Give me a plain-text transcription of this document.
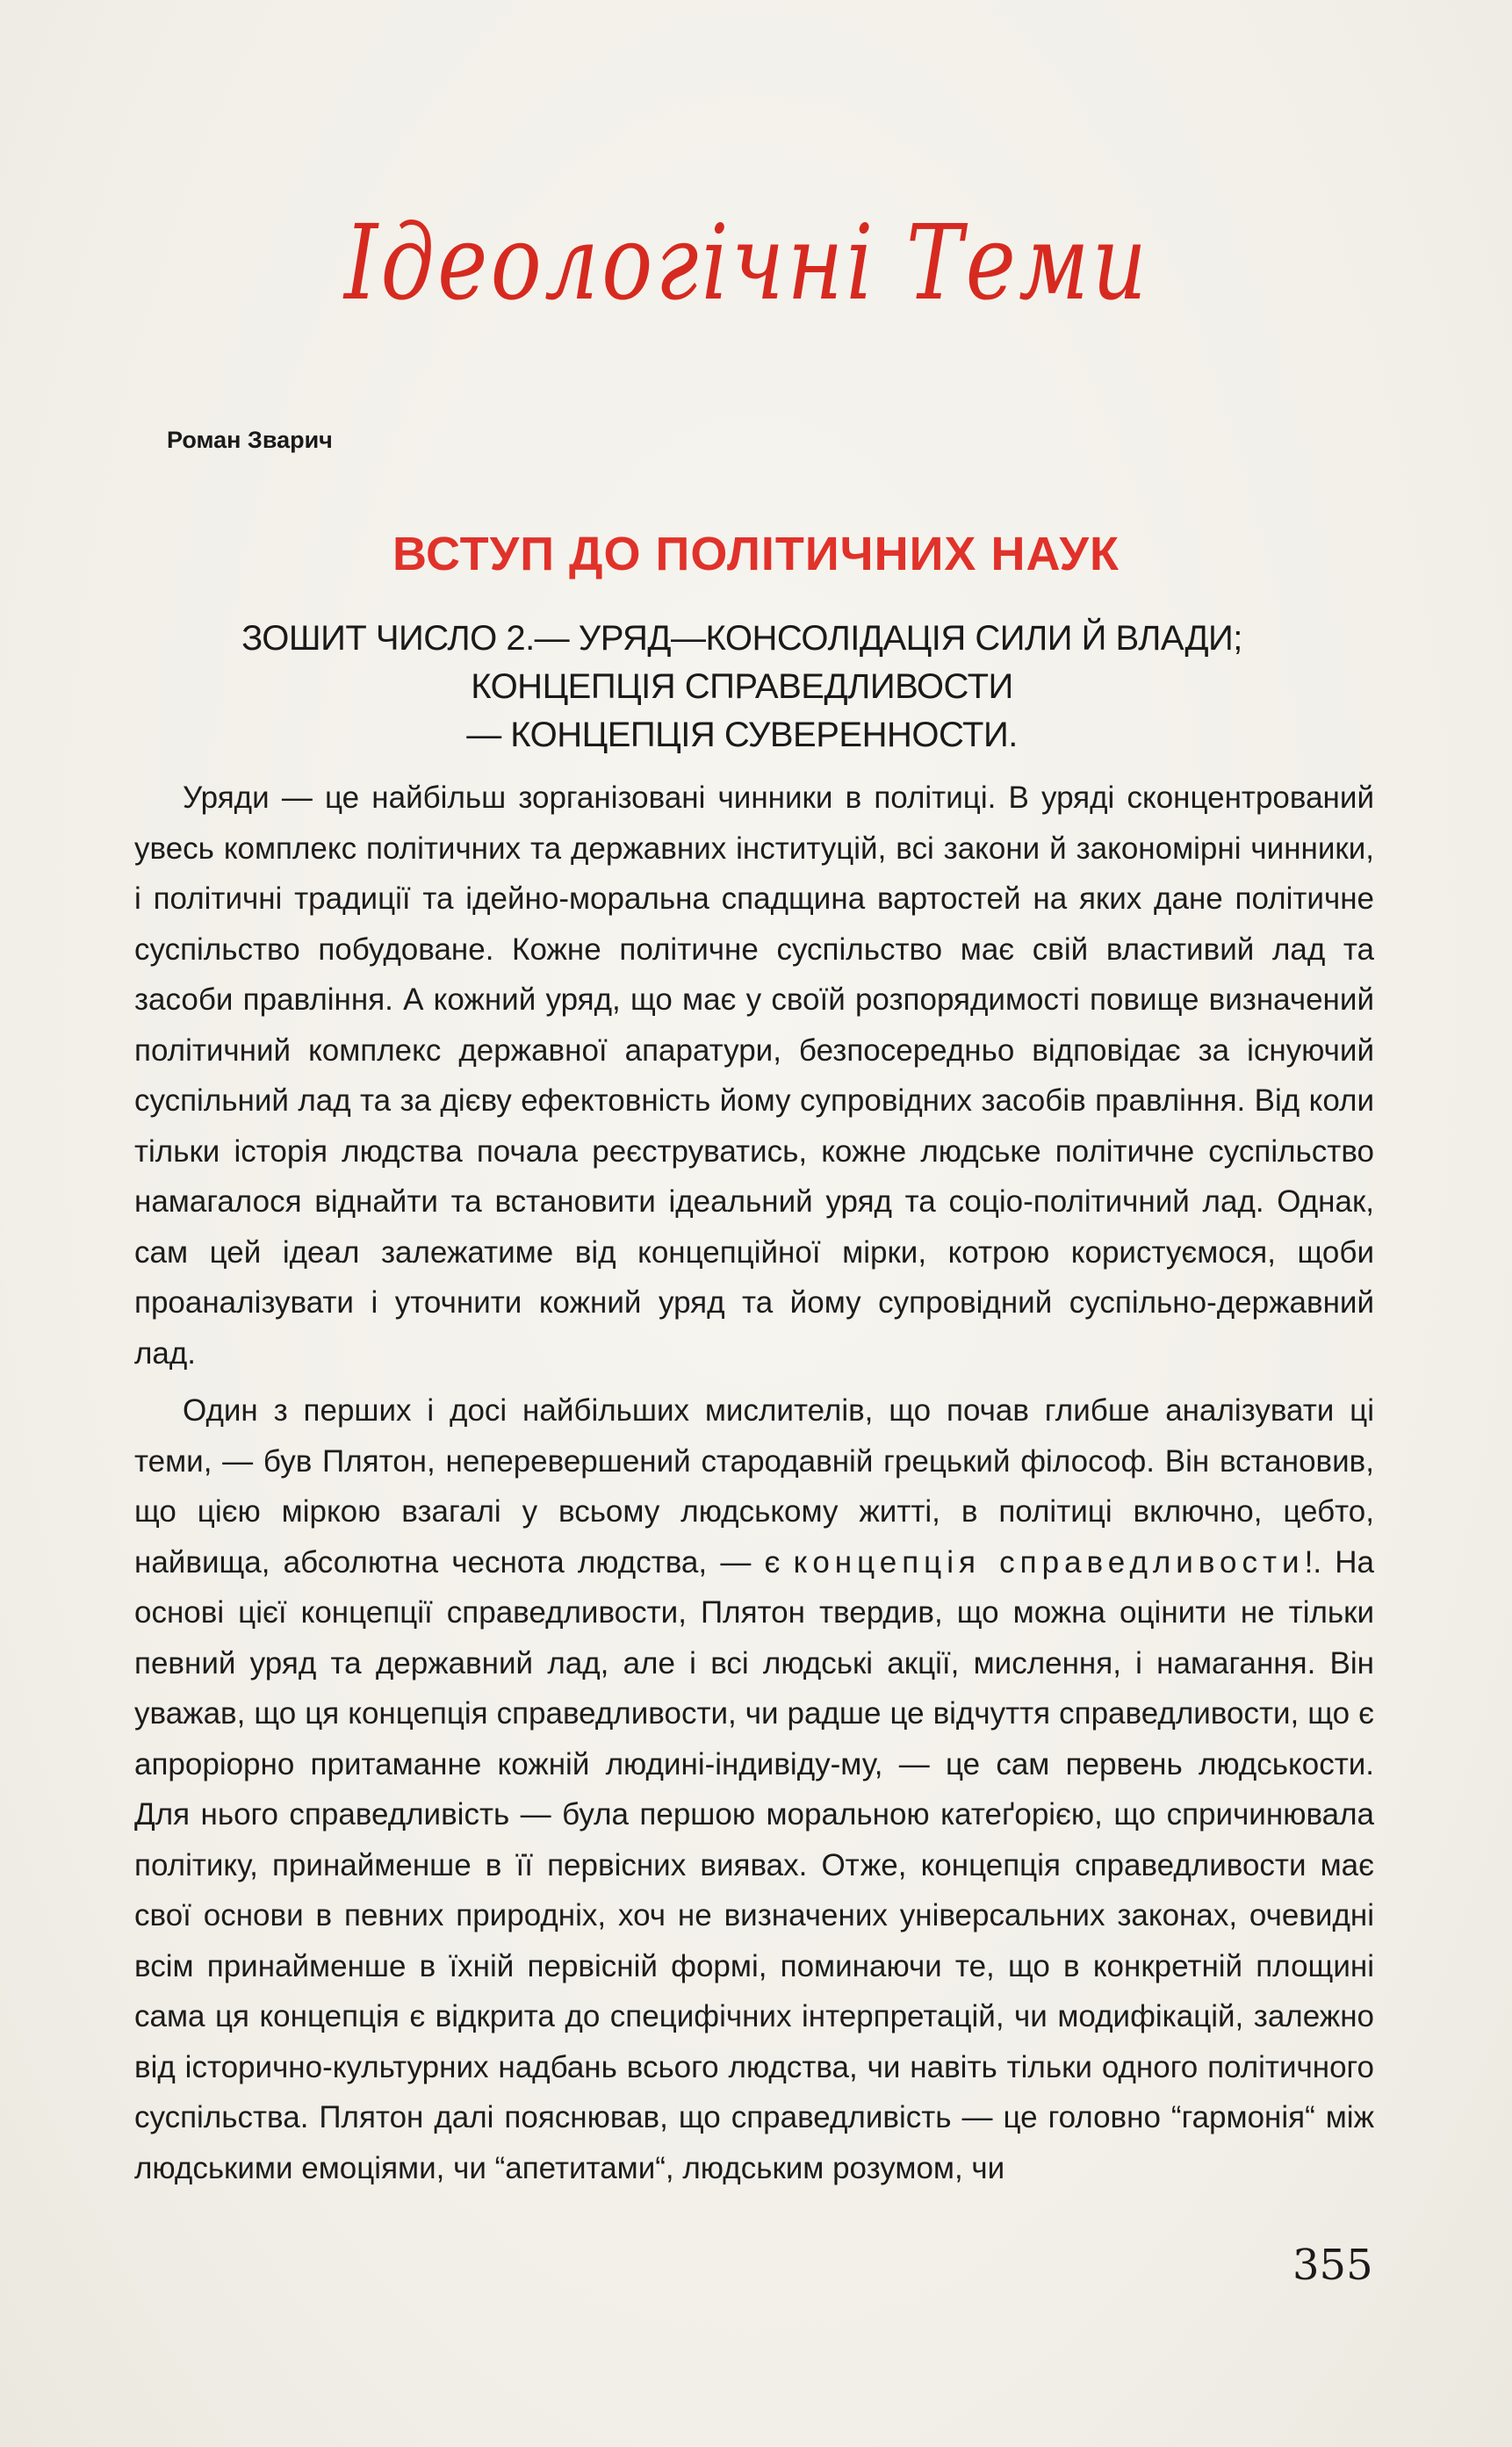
Ідеологічні Теми
Роман Зварич
ВСТУП ДО ПОЛІТИЧНИХ НАУК
ЗОШИТ ЧИСЛО 2.— УРЯД—КОНСОЛІДАЦІЯ СИЛИ Й ВЛАДИ;
КОНЦЕПЦІЯ СПРАВЕДЛИВОСТИ
— КОНЦЕПЦІЯ СУВЕРЕННОСТИ.

Уряди — це найбільш зорганізовані чинники в політиці. В уряді сконцентрований увесь комплекс політичних та державних інституцій, всі закони й закономірні чинники, і політичні традиції та ідейно-моральна спадщина вартостей на яких дане політичне суспільство побудоване. Кожне політичне суспільство має свій властивий лад та засоби правління. А кожний уряд, що має у своїй розпорядимості повище визначений політичний комплекс державної апаратури, безпосередньо відповідає за існуючий суспільний лад та за дієву ефектовність йому супровідних засобів правління. Від коли тільки історія людства почала реєструватись, кожне людське політичне суспільство намагалося віднайти та встановити ідеальний уряд та соціо-політичний лад. Однак, сам цей ідеал залежатиме від концепційної мірки, котрою користуємося, щоби проаналізувати і уточнити кожний уряд та йому супровідний суспільно-державний лад.

Один з перших і досі найбільших мислителів, що почав глибше аналізувати ці теми, — був Плятон, неперевершений стародавній грецький філософ. Він встановив, що цією міркою взагалі у всьому людському житті, в політиці включно, цебто, найвища, абсолютна чеснота людства, — є концепція справедливости!. На основі цієї концепції справедливости, Плятон твердив, що можна оцінити не тільки певний уряд та державний лад, але і всі людські акції, мислення, і намагання. Він уважав, що ця концепція справедливости, чи радше це відчуття справедливости, що є апроріорно притаманне кожній людині-індивіду-му, — це сам первень людськости. Для нього справедливість — була першою моральною катеґорією, що спричинювала політику, принайменше в її первісних виявах. Отже, концепція справедливости має свої основи в певних природніх, хоч не визначених універсальних законах, очевидні всім принайменше в їхній первісній формі, поминаючи те, що в конкретній площині сама ця концепція є відкрита до специфічних інтерпретацій, чи модифікацій, залежно від історично-культурних надбань всього людства, чи навіть тільки одного політичного суспільства. Плятон далі пояснював, що справедливість — це головно “гармонія“ між людськими емоціями, чи “апетитами“, людським розумом, чи

355
